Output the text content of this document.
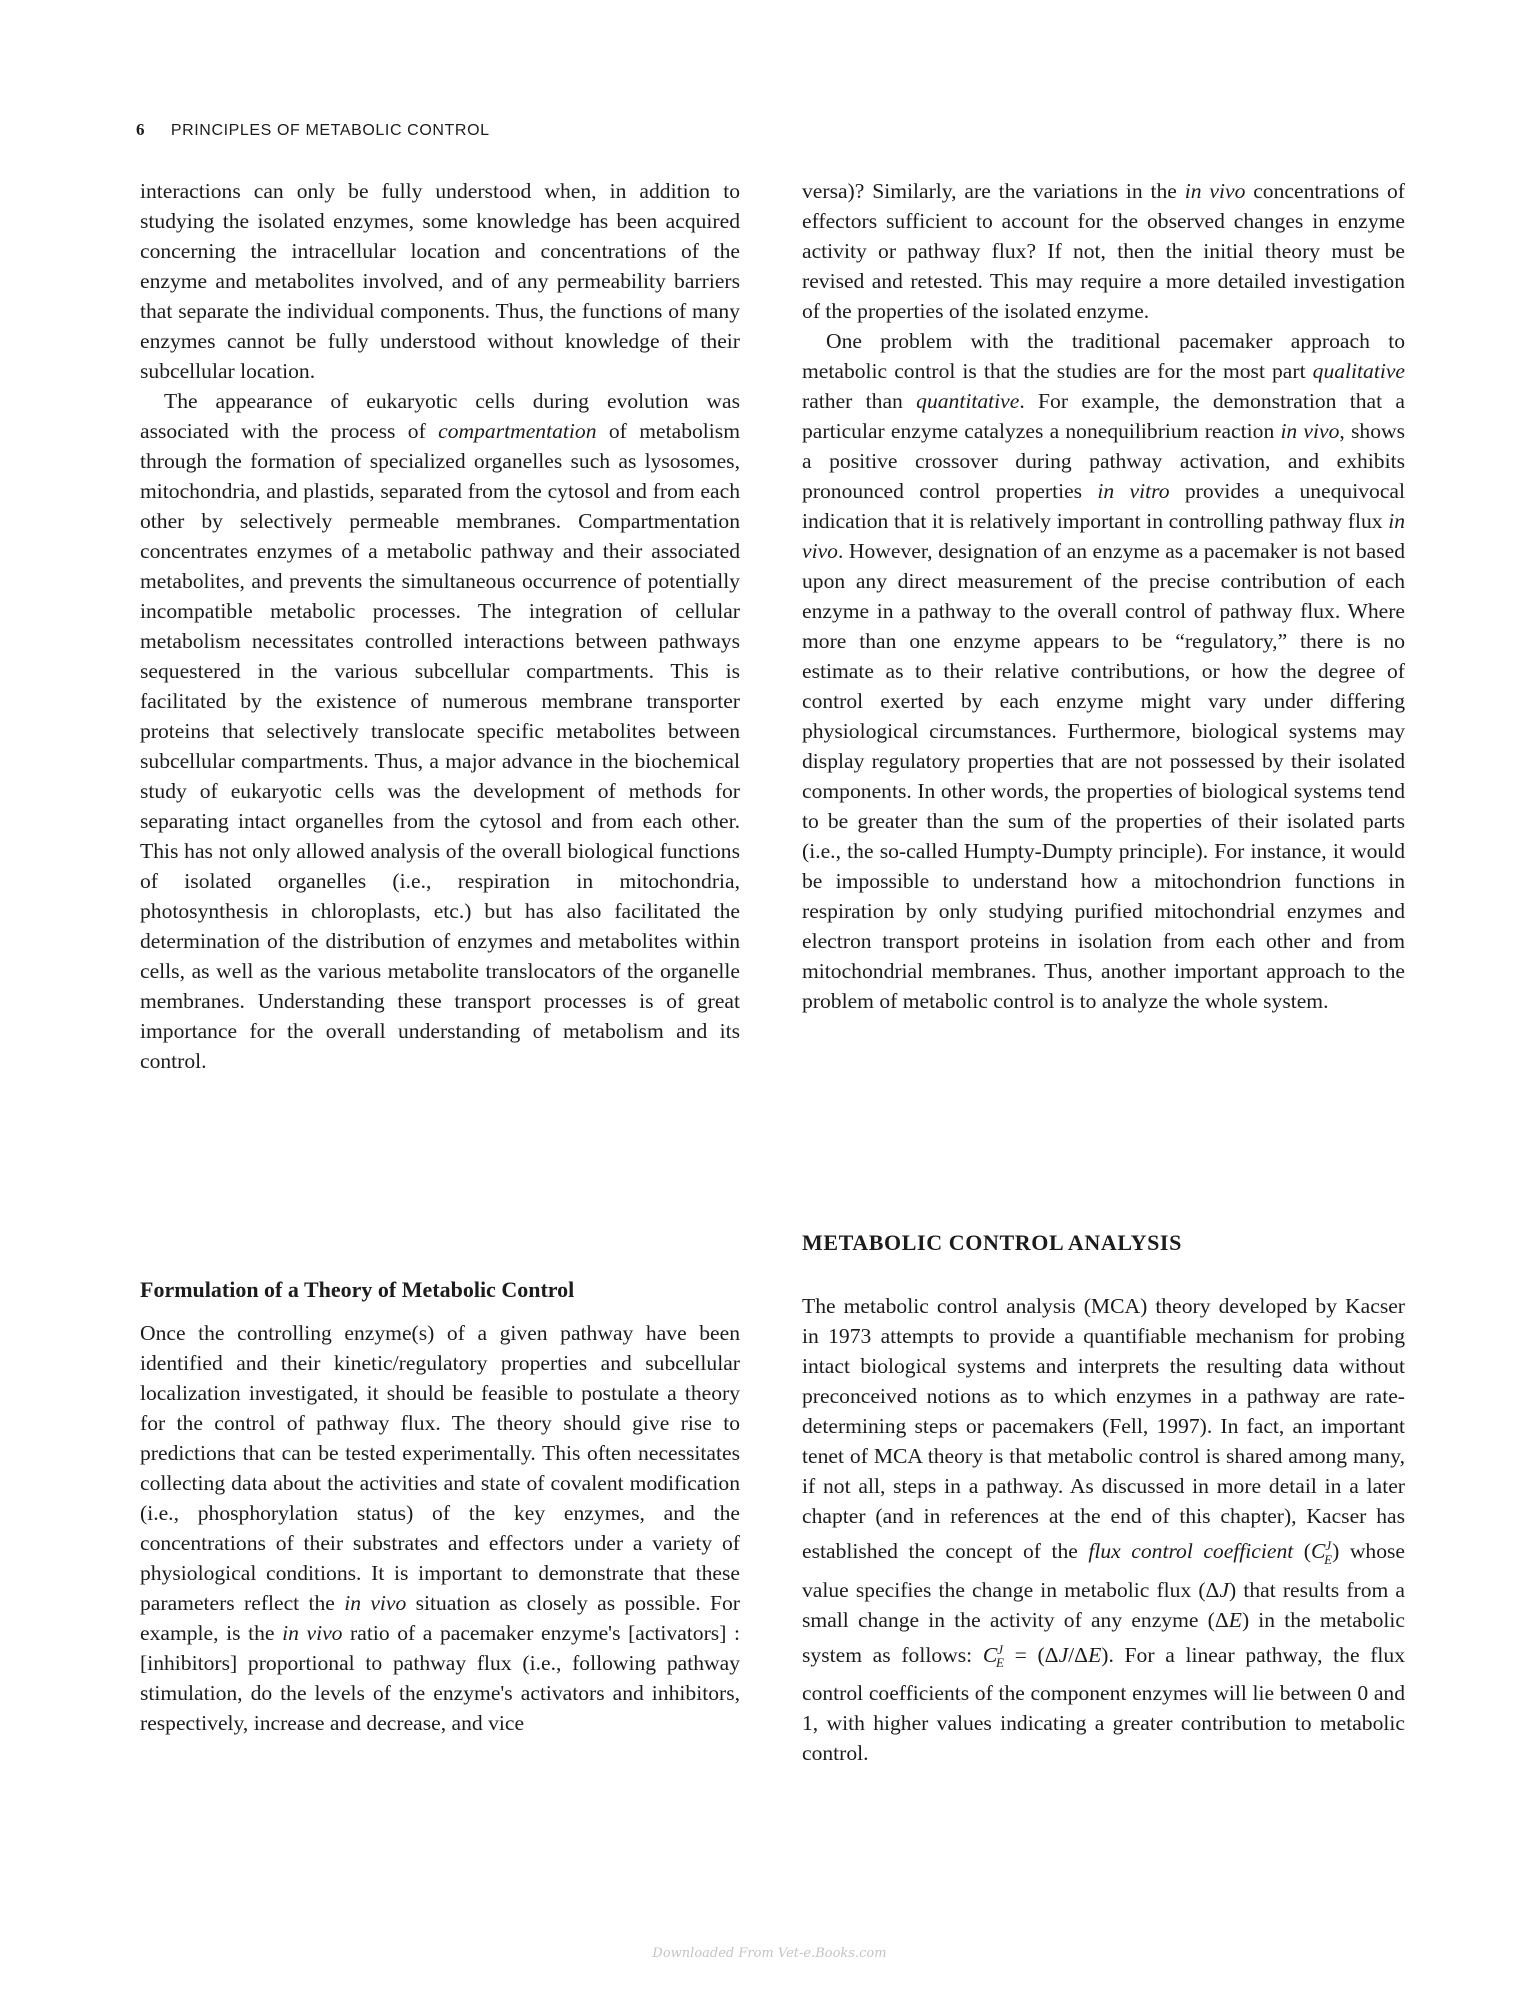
6 PRINCIPLES OF METABOLIC CONTROL

interactions can only be fully understood when, in addition to studying the isolated enzymes, some knowledge has been acquired concerning the intracellular location and concentrations of the enzyme and metabolites involved, and of any permeability barriers that separate the individual components. Thus, the functions of many enzymes cannot be fully understood without knowledge of their subcellular location.

The appearance of eukaryotic cells during evolution was associated with the process of compartmentation of metabolism through the formation of specialized organelles such as lysosomes, mitochondria, and plastids, separated from the cytosol and from each other by selectively permeable membranes. Compartmentation concentrates enzymes of a metabolic pathway and their associated metabolites, and prevents the simultaneous occurrence of potentially incompatible metabolic processes. The integration of cellular metabolism necessitates controlled interactions between pathways sequestered in the various subcellular compartments. This is facilitated by the existence of numerous membrane transporter proteins that selectively translocate specific metabolites between subcellular compartments. Thus, a major advance in the biochemical study of eukaryotic cells was the development of methods for separating intact organelles from the cytosol and from each other. This has not only allowed analysis of the overall biological functions of isolated organelles (i.e., respiration in mitochondria, photosynthesis in chloroplasts, etc.) but has also facilitated the determination of the distribution of enzymes and metabolites within cells, as well as the various metabolite translocators of the organelle membranes. Understanding these transport processes is of great importance for the overall understanding of metabolism and its control.

Formulation of a Theory of Metabolic Control

Once the controlling enzyme(s) of a given pathway have been identified and their kinetic/regulatory properties and subcellular localization investigated, it should be feasible to postulate a theory for the control of pathway flux. The theory should give rise to predictions that can be tested experimentally. This often necessitates collecting data about the activities and state of covalent modification (i.e., phosphorylation status) of the key enzymes, and the concentrations of their substrates and effectors under a variety of physiological conditions. It is important to demonstrate that these parameters reflect the in vivo situation as closely as possible. For example, is the in vivo ratio of a pacemaker enzyme's [activators] : [inhibitors] proportional to pathway flux (i.e., following pathway stimulation, do the levels of the enzyme's activators and inhibitors, respectively, increase and decrease, and vice

versa)? Similarly, are the variations in the in vivo concentrations of effectors sufficient to account for the observed changes in enzyme activity or pathway flux? If not, then the initial theory must be revised and retested. This may require a more detailed investigation of the properties of the isolated enzyme.

One problem with the traditional pacemaker approach to metabolic control is that the studies are for the most part qualitative rather than quantitative. For example, the demonstration that a particular enzyme catalyzes a nonequilibrium reaction in vivo, shows a positive crossover during pathway activation, and exhibits pronounced control properties in vitro provides a unequivocal indication that it is relatively important in controlling pathway flux in vivo. However, designation of an enzyme as a pacemaker is not based upon any direct measurement of the precise contribution of each enzyme in a pathway to the overall control of pathway flux. Where more than one enzyme appears to be “regulatory,” there is no estimate as to their relative contributions, or how the degree of control exerted by each enzyme might vary under differing physiological circumstances. Furthermore, biological systems may display regulatory properties that are not possessed by their isolated components. In other words, the properties of biological systems tend to be greater than the sum of the properties of their isolated parts (i.e., the so-called Humpty-Dumpty principle). For instance, it would be impossible to understand how a mitochondrion functions in respiration by only studying purified mitochondrial enzymes and electron transport proteins in isolation from each other and from mitochondrial membranes. Thus, another important approach to the problem of metabolic control is to analyze the whole system.

METABOLIC CONTROL ANALYSIS

The metabolic control analysis (MCA) theory developed by Kacser in 1973 attempts to provide a quantifiable mechanism for probing intact biological systems and interprets the resulting data without preconceived notions as to which enzymes in a pathway are rate-determining steps or pacemakers (Fell, 1997). In fact, an important tenet of MCA theory is that metabolic control is shared among many, if not all, steps in a pathway. As discussed in more detail in a later chapter (and in references at the end of this chapter), Kacser has established the concept of the flux control coefficient $(C^J_E)$ whose value specifies the change in metabolic flux (ΔJ) that results from a small change in the activity of any enzyme (ΔE) in the metabolic system as follows: $C^J_E = (\Delta J/\Delta E)$. For a linear pathway, the flux control coefficients of the component enzymes will lie between 0 and 1, with higher values indicating a greater contribution to metabolic control.

Downloaded From Vet-e.Books.com
